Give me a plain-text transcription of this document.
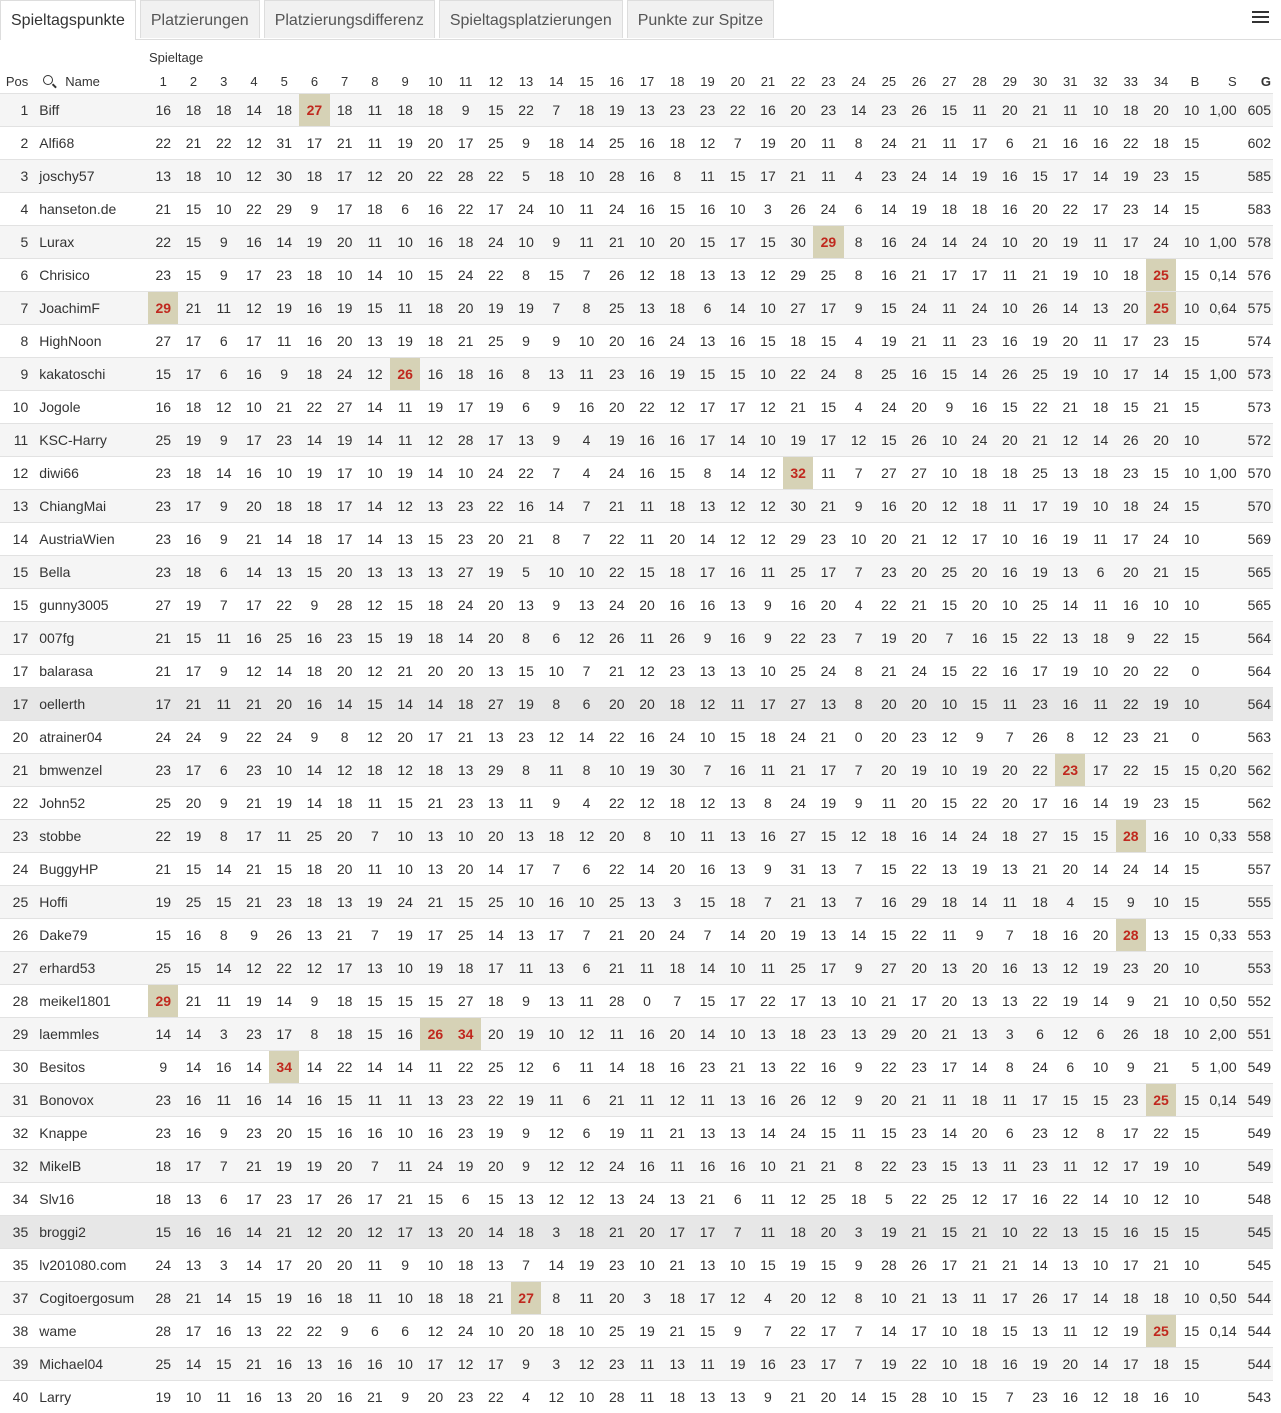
Spieltagspunkte	Platzierungen	Platzierungsdifferenz	Spieltagsplatzierungen	Punkte zur Spitze
Spieltage
Pos	Name	1	2	3	4	5	6	7	8	9	10	11	12	13	14	15	16	17	18	19	20	21	22	23	24	25	26	27	28	29	30	31	32	33	34	B	S	G
1	Biff	16	18	18	14	18	27	18	11	18	18	9	15	22	7	18	19	13	23	23	22	16	20	23	14	23	26	15	11	20	21	11	10	18	20	10	1,00	605
2	Alfi68	22	21	22	12	31	17	21	11	19	20	17	25	9	18	14	25	16	18	12	7	19	20	11	8	24	21	11	17	6	21	16	16	22	18	15		602
3	joschy57	13	18	10	12	30	18	17	12	20	22	28	22	5	18	10	28	16	8	11	15	17	21	11	4	23	24	14	19	16	15	17	14	19	23	15		585
4	hanseton.de	21	15	10	22	29	9	17	18	6	16	22	17	24	10	11	24	16	15	16	10	3	26	24	6	14	19	18	18	16	20	22	17	23	14	15		583
5	Lurax	22	15	9	16	14	19	20	11	10	16	18	24	10	9	11	21	10	20	15	17	15	30	29	8	16	24	14	24	10	20	19	11	17	24	10	1,00	578
6	Chrisico	23	15	9	17	23	18	10	14	10	15	24	22	8	15	7	26	12	18	13	13	12	29	25	8	16	21	17	17	11	21	19	10	18	25	15	0,14	576
7	JoachimF	29	21	11	12	19	16	19	15	11	18	20	19	19	7	8	25	13	18	6	14	10	27	17	9	15	24	11	24	10	26	14	13	20	25	10	0,64	575
8	HighNoon	27	17	6	17	11	16	20	13	19	18	21	25	9	9	10	20	16	24	13	16	15	18	15	4	19	21	11	23	16	19	20	11	17	23	15		574
9	kakatoschi	15	17	6	16	9	18	24	12	26	16	18	16	8	13	11	23	16	19	15	15	10	22	24	8	25	16	15	14	26	25	19	10	17	14	15	1,00	573
10	Jogole	16	18	12	10	21	22	27	14	11	19	17	19	6	9	16	20	22	12	17	17	12	21	15	4	24	20	9	16	15	22	21	18	15	21	15		573
11	KSC-Harry	25	19	9	17	23	14	19	14	11	12	28	17	13	9	4	19	16	16	17	14	10	19	17	12	15	26	10	24	20	21	12	14	26	20	10		572
12	diwi66	23	18	14	16	10	19	17	10	19	14	10	24	22	7	4	24	16	15	8	14	12	32	11	7	27	27	10	18	18	25	13	18	23	15	10	1,00	570
13	ChiangMai	23	17	9	20	18	18	17	14	12	13	23	22	16	14	7	21	11	18	13	12	12	30	21	9	16	20	12	18	11	17	19	10	18	24	15		570
14	AustriaWien	23	16	9	21	14	18	17	14	13	15	23	20	21	8	7	22	11	20	14	12	12	29	23	10	20	21	12	17	10	16	19	11	17	24	10		569
15	Bella	23	18	6	14	13	15	20	13	13	13	27	19	5	10	10	22	15	18	17	16	11	25	17	7	23	20	25	20	16	19	13	6	20	21	15		565
15	gunny3005	27	19	7	17	22	9	28	12	15	18	24	20	13	9	13	24	20	16	16	13	9	16	20	4	22	21	15	20	10	25	14	11	16	10	10		565
17	007fg	21	15	11	16	25	16	23	15	19	18	14	20	8	6	12	26	11	26	9	16	9	22	23	7	19	20	7	16	15	22	13	18	9	22	15		564
17	balarasa	21	17	9	12	14	18	20	12	21	20	20	13	15	10	7	21	12	23	13	13	10	25	24	8	21	24	15	22	16	17	19	10	20	22	0		564
17	oellerth	17	21	11	21	20	16	14	15	14	14	18	27	19	8	6	20	20	18	12	11	17	27	13	8	20	20	10	15	11	23	16	11	22	19	10		564
20	atrainer04	24	24	9	22	24	9	8	12	20	17	21	13	23	12	14	22	16	24	10	15	18	24	21	0	20	23	12	9	7	26	8	12	23	21	0		563
21	bmwenzel	23	17	6	23	10	14	12	18	12	18	13	29	8	11	8	10	19	30	7	16	11	21	17	7	20	19	10	19	20	22	23	17	22	15	15	0,20	562
22	John52	25	20	9	21	19	14	18	11	15	21	23	13	11	9	4	22	12	18	12	13	8	24	19	9	11	20	15	22	20	17	16	14	19	23	15		562
23	stobbe	22	19	8	17	11	25	20	7	10	13	10	20	13	18	12	20	8	10	11	13	16	27	15	12	18	16	14	24	18	27	15	15	28	16	10	0,33	558
24	BuggyHP	21	15	14	21	15	18	20	11	10	13	20	14	17	7	6	22	14	20	16	13	9	31	13	7	15	22	13	19	13	21	20	14	24	14	15		557
25	Hoffi	19	25	15	21	23	18	13	19	24	21	15	25	10	16	10	25	13	3	15	18	7	21	13	7	16	29	18	14	11	18	4	15	9	10	15		555
26	Dake79	15	16	8	9	26	13	21	7	19	17	25	14	13	17	7	21	20	24	7	14	20	19	13	14	15	22	11	9	7	18	16	20	28	13	15	0,33	553
27	erhard53	25	15	14	12	22	12	17	13	10	19	18	17	11	13	6	21	11	18	14	10	11	25	17	9	27	20	13	20	16	13	12	19	23	20	10		553
28	meikel1801	29	21	11	19	14	9	18	15	15	15	27	18	9	13	11	28	0	7	15	17	22	17	13	10	21	17	20	13	13	22	19	14	9	21	10	0,50	552
29	laemmles	14	14	3	23	17	8	18	15	16	26	34	20	19	10	12	11	16	20	14	10	13	18	23	13	29	20	21	13	3	6	12	6	26	18	10	2,00	551
30	Besitos	9	14	16	14	34	14	22	14	14	11	22	25	12	6	11	14	18	16	23	21	13	22	16	9	22	23	17	14	8	24	6	10	9	21	5	1,00	549
31	Bonovox	23	16	11	16	14	16	15	11	11	13	23	22	19	11	6	21	11	12	11	13	16	26	12	9	20	21	11	18	11	17	15	15	23	25	15	0,14	549
32	Knappe	23	16	9	23	20	15	16	16	10	16	23	19	9	12	6	19	11	21	13	13	14	24	15	11	15	23	14	20	6	23	12	8	17	22	15		549
32	MikelB	18	17	7	21	19	19	20	7	11	24	19	20	9	12	12	24	16	11	16	16	10	21	21	8	22	23	15	13	11	23	11	12	17	19	10		549
34	Slv16	18	13	6	17	23	17	26	17	21	15	6	15	13	12	12	13	24	13	21	6	11	12	25	18	5	22	25	12	17	16	22	14	10	12	10		548
35	broggi2	15	16	16	14	21	12	20	12	17	13	20	14	18	3	18	21	20	17	17	7	11	18	20	3	19	21	15	21	10	22	13	15	16	15	15		545
35	lv201080.com	24	13	3	14	17	20	20	11	9	10	18	13	7	14	19	23	10	21	13	10	15	19	15	9	28	26	17	21	21	14	13	10	17	21	10		545
37	Cogitoergosum	28	21	14	15	19	16	18	11	10	18	18	21	27	8	11	20	3	18	17	12	4	20	12	8	10	21	13	11	17	26	17	14	18	18	10	0,50	544
38	wame	28	17	16	13	22	22	9	6	6	12	24	10	20	18	10	25	19	21	15	9	7	22	17	7	14	17	10	18	15	13	11	12	19	25	15	0,14	544
39	Michael04	25	14	15	21	16	13	16	16	10	17	12	17	9	3	12	23	11	13	11	19	16	23	17	7	19	22	10	18	16	19	20	14	17	18	15		544
40	Larry	19	10	11	16	13	20	16	21	9	20	23	22	4	12	10	28	11	18	13	13	9	21	20	14	15	28	10	15	7	23	16	12	18	16	10		543
